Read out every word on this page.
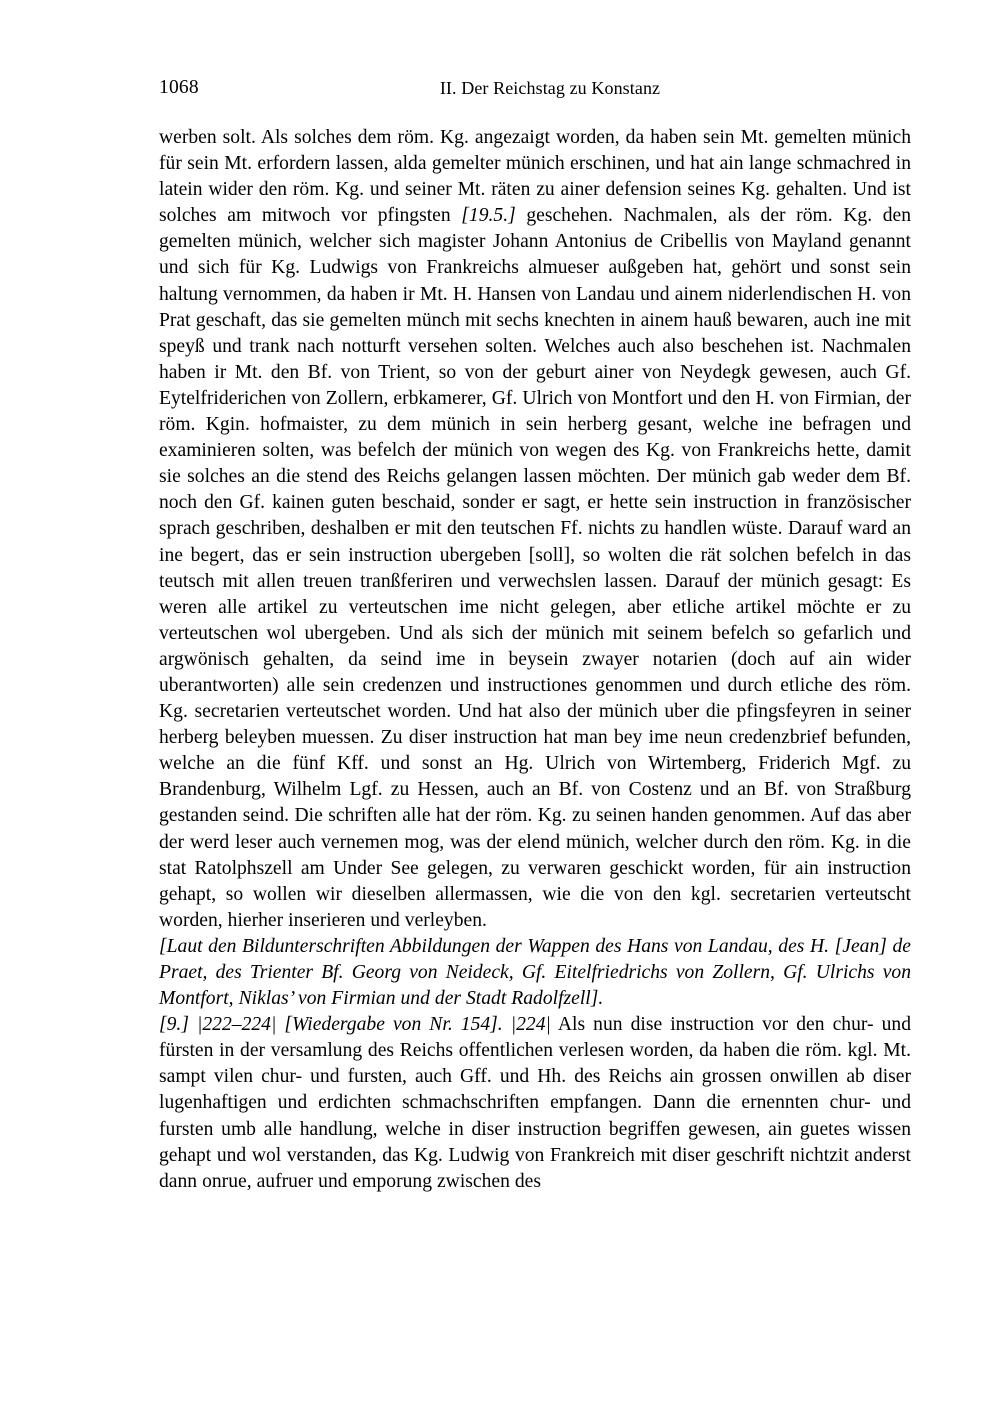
1068	II. Der Reichstag zu Konstanz

werben solt. Als solches dem röm. Kg. angezaigt worden, da haben sein Mt. gemelten münich für sein Mt. erfordern lassen, alda gemelter münich erschinen, und hat ain lange schmachred in latein wider den röm. Kg. und seiner Mt. räten zu ainer defension seines Kg. gehalten. Und ist solches am mitwoch vor pfingsten [19.5.] geschehen. Nachmalen, als der röm. Kg. den gemelten münich, welcher sich magister Johann Antonius de Cribellis von Mayland genannt und sich für Kg. Ludwigs von Frankreichs almueser außgeben hat, gehört und sonst sein haltung vernommen, da haben ir Mt. H. Hansen von Landau und ainem niderlendischen H. von Prat geschaft, das sie gemelten münch mit sechs knechten in ainem hauß bewaren, auch ine mit speyß und trank nach notturft versehen solten. Welches auch also beschehen ist. Nachmalen haben ir Mt. den Bf. von Trient, so von der geburt ainer von Neydegk gewesen, auch Gf. Eytelfriderichen von Zollern, erbkamerer, Gf. Ulrich von Montfort und den H. von Firmian, der röm. Kgin. hofmaister, zu dem münich in sein herberg gesant, welche ine befragen und examinieren solten, was befelch der münich von wegen des Kg. von Frankreichs hette, damit sie solches an die stend des Reichs gelangen lassen möchten. Der münich gab weder dem Bf. noch den Gf. kainen guten beschaid, sonder er sagt, er hette sein instruction in französischer sprach geschriben, deshalben er mit den teutschen Ff. nichts zu handlen wüste. Darauf ward an ine begert, das er sein instruction ubergeben [soll], so wolten die rät solchen befelch in das teutsch mit allen treuen tranßferiren und verwechslen lassen. Darauf der münich gesagt: Es weren alle artikel zu verteutschen ime nicht gelegen, aber etliche artikel möchte er zu verteutschen wol ubergeben. Und als sich der münich mit seinem befelch so gefarlich und argwönisch gehalten, da seind ime in beysein zwayer notarien (doch auf ain wider uberantworten) alle sein credenzen und instructiones genommen und durch etliche des röm. Kg. secretarien verteutschet worden. Und hat also der münich uber die pfingsfeyren in seiner herberg beleyben muessen. Zu diser instruction hat man bey ime neun credenzbrief befunden, welche an die fünf Kff. und sonst an Hg. Ulrich von Wirtemberg, Friderich Mgf. zu Brandenburg, Wilhelm Lgf. zu Hessen, auch an Bf. von Costenz und an Bf. von Straßburg gestanden seind. Die schriften alle hat der röm. Kg. zu seinen handen genommen. Auf das aber der werd leser auch vernemen mog, was der elend münich, welcher durch den röm. Kg. in die stat Ratolphszell am Under See gelegen, zu verwaren geschickt worden, für ain instruction gehapt, so wollen wir dieselben allermassen, wie die von den kgl. secretarien verteutscht worden, hierher inserieren und verleyben.

[Laut den Bildunterschriften Abbildungen der Wappen des Hans von Landau, des H. [Jean] de Praet, des Trienter Bf. Georg von Neideck, Gf. Eitelfriedrichs von Zollern, Gf. Ulrichs von Montfort, Niklas’ von Firmian und der Stadt Radolfzell].

[9.] |222–224| [Wiedergabe von Nr. 154]. |224| Als nun dise instruction vor den chur- und fürsten in der versamlung des Reichs offentlichen verlesen worden, da haben die röm. kgl. Mt. sampt vilen chur- und fursten, auch Gff. und Hh. des Reichs ain grossen onwillen ab diser lugenhaftigen und erdichten schmachschriften empfangen. Dann die ernennten chur- und fursten umb alle handlung, welche in diser instruction begriffen gewesen, ain guetes wissen gehapt und wol verstanden, das Kg. Ludwig von Frankreich mit diser geschrift nichtzit anderst dann onrue, aufruer und emporung zwischen des
